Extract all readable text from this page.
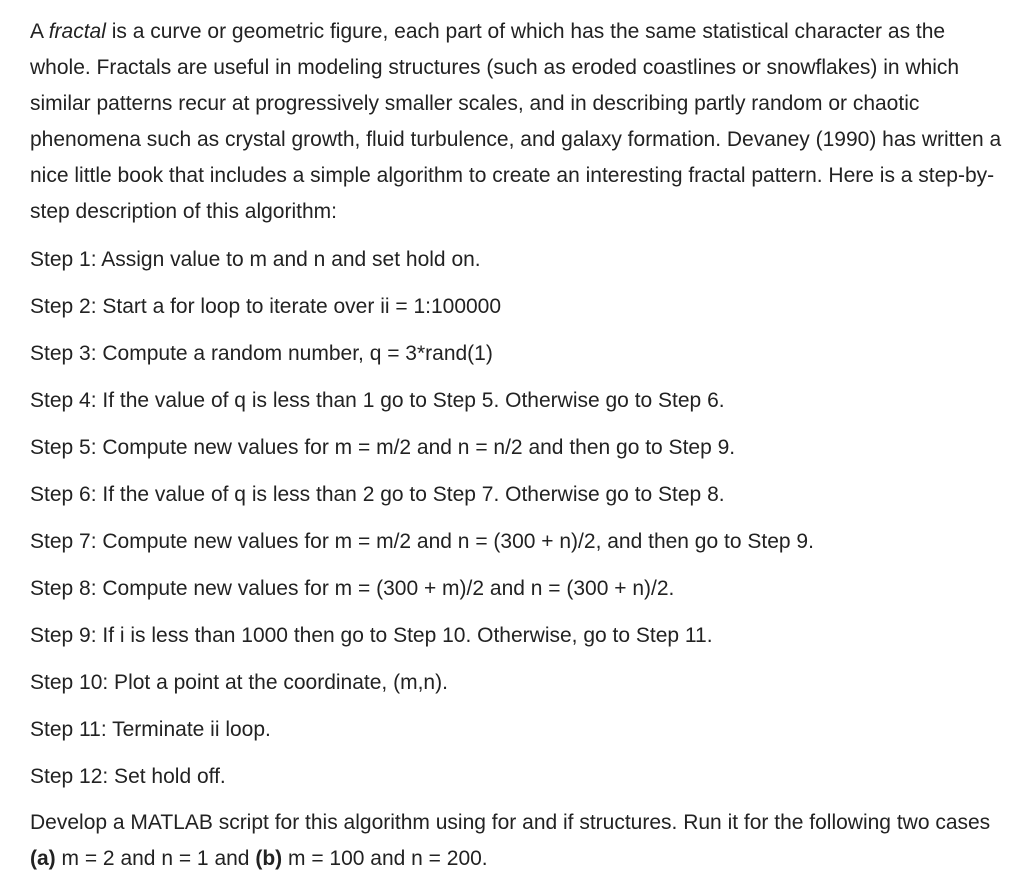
A fractal is a curve or geometric figure, each part of which has the same statistical character as the whole. Fractals are useful in modeling structures (such as eroded coastlines or snowflakes) in which similar patterns recur at progressively smaller scales, and in describing partly random or chaotic phenomena such as crystal growth, fluid turbulence, and galaxy formation. Devaney (1990) has written a nice little book that includes a simple algorithm to create an interesting fractal pattern. Here is a step-by-step description of this algorithm:

Step 1: Assign value to m and n and set hold on.

Step 2: Start a for loop to iterate over ii = 1:100000

Step 3: Compute a random number, q = 3*rand(1)

Step 4: If the value of q is less than 1 go to Step 5. Otherwise go to Step 6.

Step 5: Compute new values for m = m/2 and n = n/2 and then go to Step 9.

Step 6: If the value of q is less than 2 go to Step 7. Otherwise go to Step 8.

Step 7: Compute new values for m = m/2 and n = (300 + n)/2, and then go to Step 9.

Step 8: Compute new values for m = (300 + m)/2 and n = (300 + n)/2.

Step 9: If i is less than 1000 then go to Step 10. Otherwise, go to Step 11.

Step 10: Plot a point at the coordinate, (m,n).

Step 11: Terminate ii loop.

Step 12: Set hold off.

Develop a MATLAB script for this algorithm using for and if structures. Run it for the following two cases (a) m = 2 and n = 1 and (b) m = 100 and n = 200.
